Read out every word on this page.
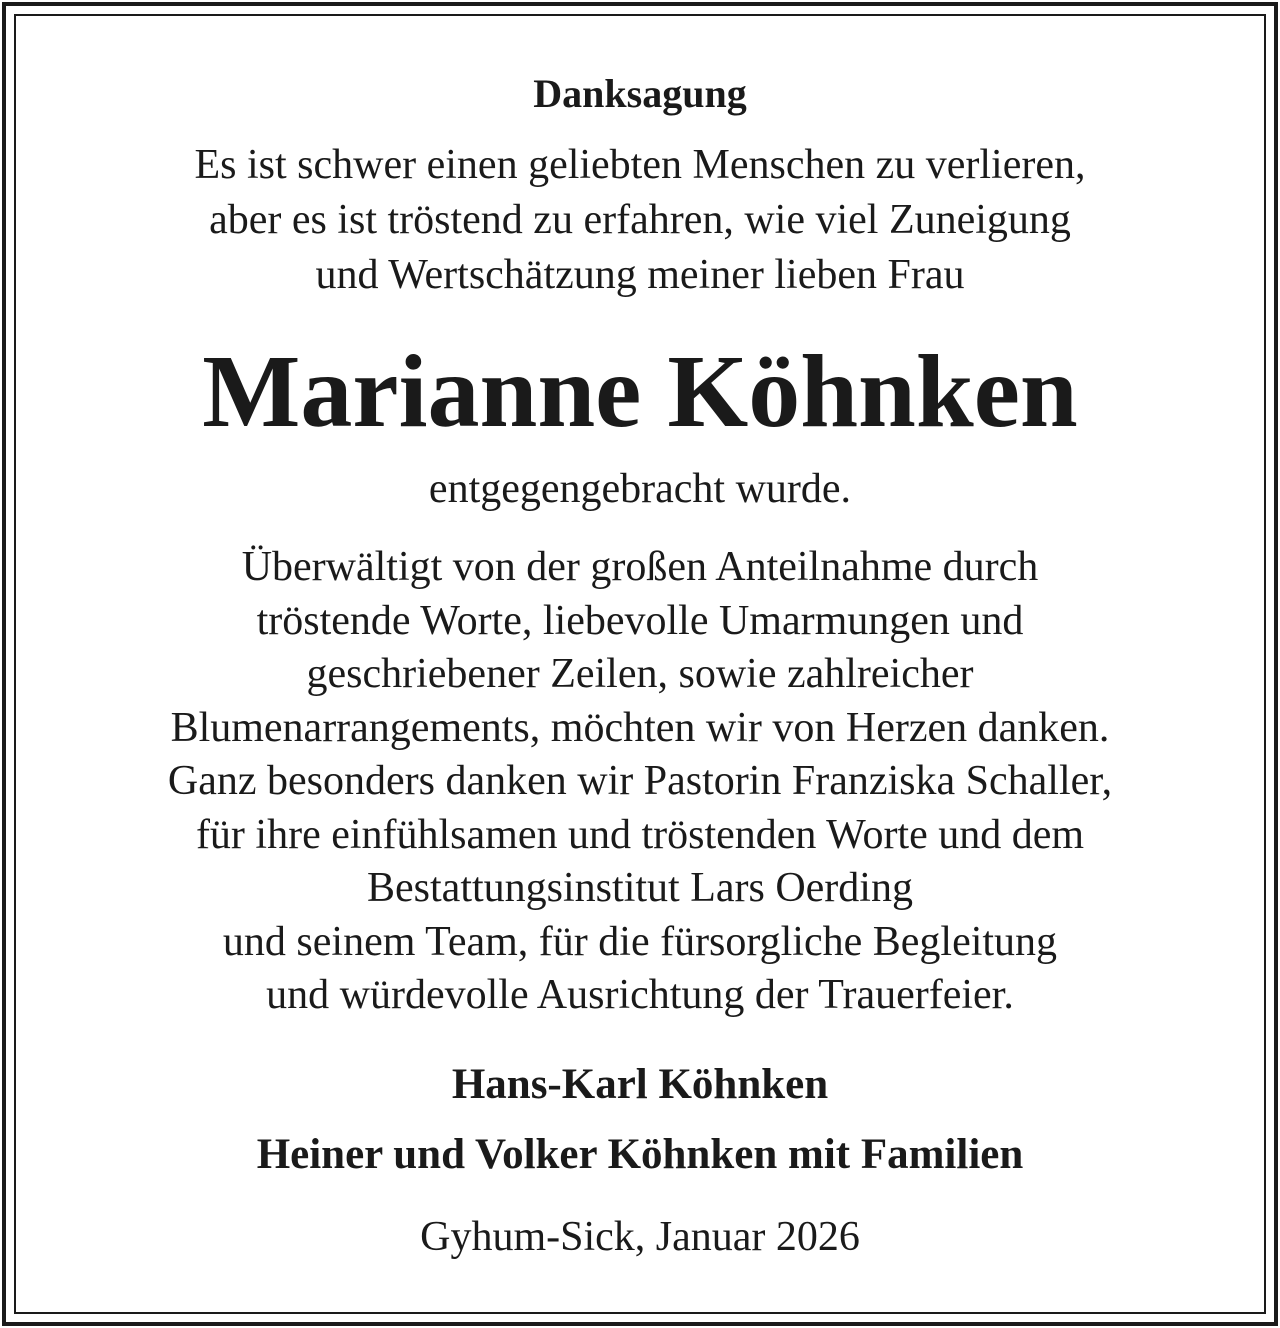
Danksagung
Es ist schwer einen geliebten Menschen zu verlieren,
aber es ist tröstend zu erfahren, wie viel Zuneigung
und Wertschätzung meiner lieben Frau
Marianne Köhnken
entgegengebracht wurde.
Überwältigt von der großen Anteilnahme durch
tröstende Worte, liebevolle Umarmungen und
geschriebener Zeilen, sowie zahlreicher
Blumenarrangements, möchten wir von Herzen danken.
Ganz besonders danken wir Pastorin Franziska Schaller,
für ihre einfühlsamen und tröstenden Worte und dem
Bestattungsinstitut Lars Oerding
und seinem Team, für die fürsorgliche Begleitung
und würdevolle Ausrichtung der Trauerfeier.
Hans-Karl Köhnken
Heiner und Volker Köhnken mit Familien
Gyhum-Sick, Januar 2026
